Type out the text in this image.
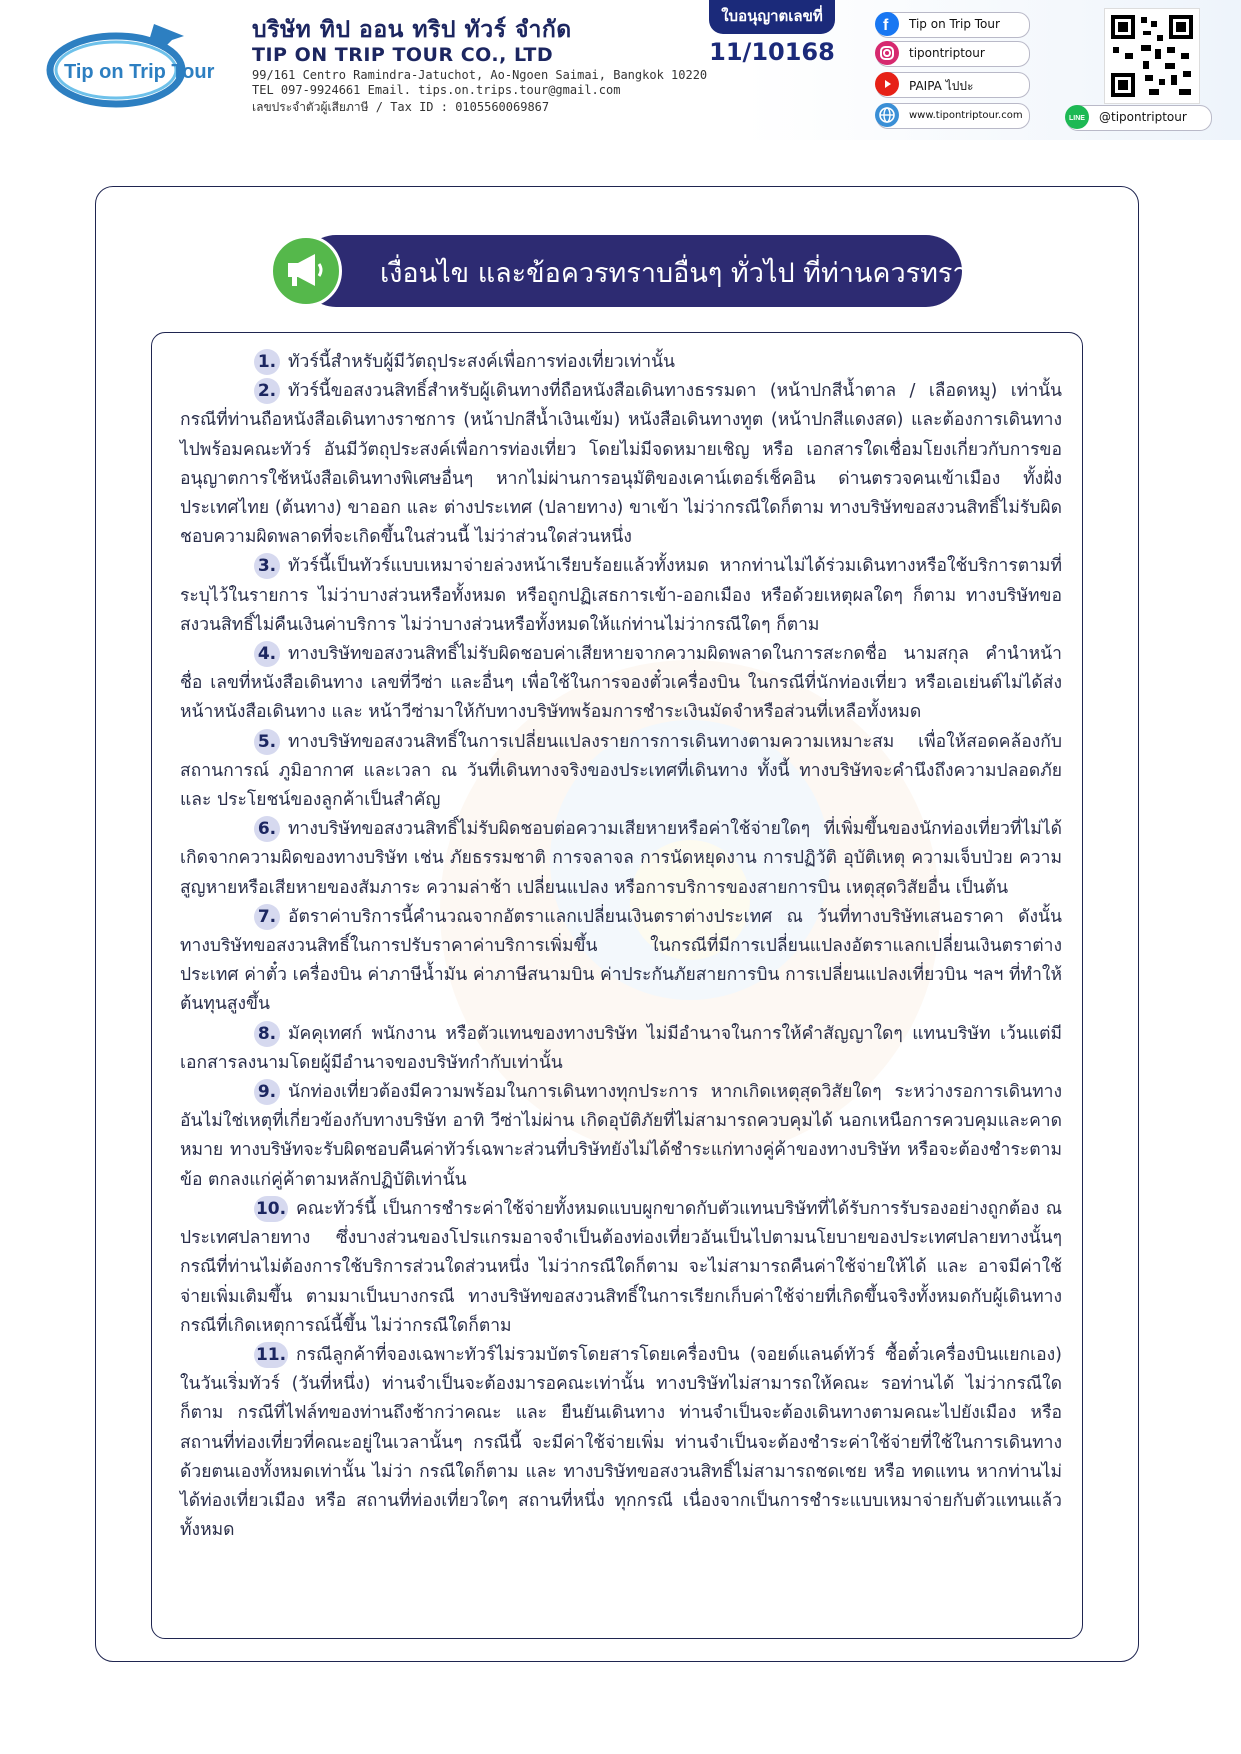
Tip on Trip Tour
บริษัท ทิป ออน ทริป ทัวร์ จำกัด
TIP ON TRIP TOUR CO., LTD
99/161 Centro Ramindra-Jatuchot, Ao-Ngoen Saimai, Bangkok 10220
TEL 097-9924661 Email. tips.on.trips.tour@gmail.com
เลขประจำตัวผู้เสียภาษี / Tax ID : 0105560069867
ใบอนุญาตเลขที่
11/10168
f Tip on Trip Tour
tipontriptour
PAIPA ไปปะ
www.tipontriptour.com	LINE @tipontriptour
เงื่อนไข และข้อควรทราบอื่นๆ ทั่วไป ที่ท่านควรทราบ

1. ทัวร์นี้สำหรับผู้มีวัตถุประสงค์เพื่อการท่องเที่ยวเท่านั้น

2. ทัวร์นี้ขอสงวนสิทธิ์สำหรับผู้เดินทางที่ถือหนังสือเดินทางธรรมดา (หน้าปกสีน้ำตาล / เลือดหมู) เท่านั้น กรณีที่ท่านถือหนังสือเดินทางราชการ (หน้าปกสีน้ำเงินเข้ม) หนังสือเดินทางทูต (หน้าปกสีแดงสด) และต้องการเดินทางไปพร้อมคณะทัวร์ อันมีวัตถุประสงค์เพื่อการท่องเที่ยว โดยไม่มีจดหมายเชิญ หรือ เอกสารใดเชื่อมโยงเกี่ยวกับการขออนุญาตการใช้หนังสือเดินทางพิเศษอื่นๆ หากไม่ผ่านการอนุมัติของเคาน์เตอร์เช็คอิน ด่านตรวจคนเข้าเมือง ทั้งฝั่งประเทศไทย (ต้นทาง) ขาออก และ ต่างประเทศ (ปลายทาง) ขาเข้า ไม่ว่ากรณีใดก็ตาม ทางบริษัทขอสงวนสิทธิ์ไม่รับผิดชอบความผิดพลาดที่จะเกิดขึ้นในส่วนนี้ ไม่ว่าส่วนใดส่วนหนึ่ง

3. ทัวร์นี้เป็นทัวร์แบบเหมาจ่ายล่วงหน้าเรียบร้อยแล้วทั้งหมด หากท่านไม่ได้ร่วมเดินทางหรือใช้บริการตามที่ระบุไว้ในรายการ ไม่ว่าบางส่วนหรือทั้งหมด หรือถูกปฏิเสธการเข้า-ออกเมือง หรือด้วยเหตุผลใดๆ ก็ตาม ทางบริษัทขอสงวนสิทธิ์ไม่คืนเงินค่าบริการ ไม่ว่าบางส่วนหรือทั้งหมดให้แก่ท่านไม่ว่ากรณีใดๆ ก็ตาม

4. ทางบริษัทขอสงวนสิทธิ์ไม่รับผิดชอบค่าเสียหายจากความผิดพลาดในการสะกดชื่อ นามสกุล คำนำหน้าชื่อ เลขที่หนังสือเดินทาง เลขที่วีซ่า และอื่นๆ เพื่อใช้ในการจองตั๋วเครื่องบิน ในกรณีที่นักท่องเที่ยว หรือเอเย่นต์ไม่ได้ส่งหน้าหนังสือเดินทาง และ หน้าวีซ่ามาให้กับทางบริษัทพร้อมการชำระเงินมัดจำหรือส่วนที่เหลือทั้งหมด

5. ทางบริษัทขอสงวนสิทธิ์ในการเปลี่ยนแปลงรายการการเดินทางตามความเหมาะสม เพื่อให้สอดคล้องกับ สถานการณ์ ภูมิอากาศ และเวลา ณ วันที่เดินทางจริงของประเทศที่เดินทาง ทั้งนี้ ทางบริษัทจะคำนึงถึงความปลอดภัย และ ประโยชน์ของลูกค้าเป็นสำคัญ

6. ทางบริษัทขอสงวนสิทธิ์ไม่รับผิดชอบต่อความเสียหายหรือค่าใช้จ่ายใดๆ ที่เพิ่มขึ้นของนักท่องเที่ยวที่ไม่ได้เกิดจากความผิดของทางบริษัท เช่น ภัยธรรมชาติ การจลาจล การนัดหยุดงาน การปฏิวัติ อุบัติเหตุ ความเจ็บป่วย ความสูญหายหรือเสียหายของสัมภาระ ความล่าช้า เปลี่ยนแปลง หรือการบริการของสายการบิน เหตุสุดวิสัยอื่น เป็นต้น

7. อัตราค่าบริการนี้คำนวณจากอัตราแลกเปลี่ยนเงินตราต่างประเทศ ณ วันที่ทางบริษัทเสนอราคา ดังนั้น ทางบริษัทขอสงวนสิทธิ์ในการปรับราคาค่าบริการเพิ่มขึ้น ในกรณีที่มีการเปลี่ยนแปลงอัตราแลกเปลี่ยนเงินตราต่างประเทศ ค่าตั๋ว เครื่องบิน ค่าภาษีน้ำมัน ค่าภาษีสนามบิน ค่าประกันภัยสายการบิน การเปลี่ยนแปลงเที่ยวบิน ฯลฯ ที่ทำให้ต้นทุนสูงขึ้น

8. มัคคุเทศก์ พนักงาน หรือตัวแทนของทางบริษัท ไม่มีอำนาจในการให้คำสัญญาใดๆ แทนบริษัท เว้นแต่มีเอกสารลงนามโดยผู้มีอำนาจของบริษัทกำกับเท่านั้น

9. นักท่องเที่ยวต้องมีความพร้อมในการเดินทางทุกประการ หากเกิดเหตุสุดวิสัยใดๆ ระหว่างรอการเดินทาง อันไม่ใช่เหตุที่เกี่ยวข้องกับทางบริษัท อาทิ วีซ่าไม่ผ่าน เกิดอุบัติภัยที่ไม่สามารถควบคุมได้ นอกเหนือการควบคุมและคาดหมาย ทางบริษัทจะรับผิดชอบคืนค่าทัวร์เฉพาะส่วนที่บริษัทยังไม่ได้ชำระแก่ทางคู่ค้าของทางบริษัท หรือจะต้องชำระตามข้อ ตกลงแก่คู่ค้าตามหลักปฏิบัติเท่านั้น

10. คณะทัวร์นี้ เป็นการชำระค่าใช้จ่ายทั้งหมดแบบผูกขาดกับตัวแทนบริษัทที่ได้รับการรับรองอย่างถูกต้อง ณ ประเทศปลายทาง ซึ่งบางส่วนของโปรแกรมอาจจำเป็นต้องท่องเที่ยวอันเป็นไปตามนโยบายของประเทศปลายทางนั้นๆ กรณีที่ท่านไม่ต้องการใช้บริการส่วนใดส่วนหนึ่ง ไม่ว่ากรณีใดก็ตาม จะไม่สามารถคืนค่าใช้จ่ายให้ได้ และ อาจมีค่าใช้จ่ายเพิ่มเติมขึ้น ตามมาเป็นบางกรณี ทางบริษัทขอสงวนสิทธิ์ในการเรียกเก็บค่าใช้จ่ายที่เกิดขึ้นจริงทั้งหมดกับผู้เดินทาง กรณีที่เกิดเหตุการณ์นี้ขึ้น ไม่ว่ากรณีใดก็ตาม

11. กรณีลูกค้าที่จองเฉพาะทัวร์ไม่รวมบัตรโดยสารโดยเครื่องบิน (จอยด์แลนด์ทัวร์ ซื้อตั๋วเครื่องบินแยกเอง) ในวันเริ่มทัวร์ (วันที่หนึ่ง) ท่านจำเป็นจะต้องมารอคณะเท่านั้น ทางบริษัทไม่สามารถให้คณะ รอท่านได้ ไม่ว่ากรณีใดก็ตาม กรณีที่ไฟล์ทของท่านถึงช้ากว่าคณะ และ ยืนยันเดินทาง ท่านจำเป็นจะต้องเดินทางตามคณะไปยังเมือง หรือ สถานที่ท่องเที่ยวที่คณะอยู่ในเวลานั้นๆ กรณีนี้ จะมีค่าใช้จ่ายเพิ่ม ท่านจำเป็นจะต้องชำระค่าใช้จ่ายที่ใช้ในการเดินทางด้วยตนเองทั้งหมดเท่านั้น ไม่ว่า กรณีใดก็ตาม และ ทางบริษัทขอสงวนสิทธิ์ไม่สามารถชดเชย หรือ ทดแทน หากท่านไม่ได้ท่องเที่ยวเมือง หรือ สถานที่ท่องเที่ยวใดๆ สถานที่หนึ่ง ทุกกรณี เนื่องจากเป็นการชำระแบบเหมาจ่ายกับตัวแทนแล้วทั้งหมด
